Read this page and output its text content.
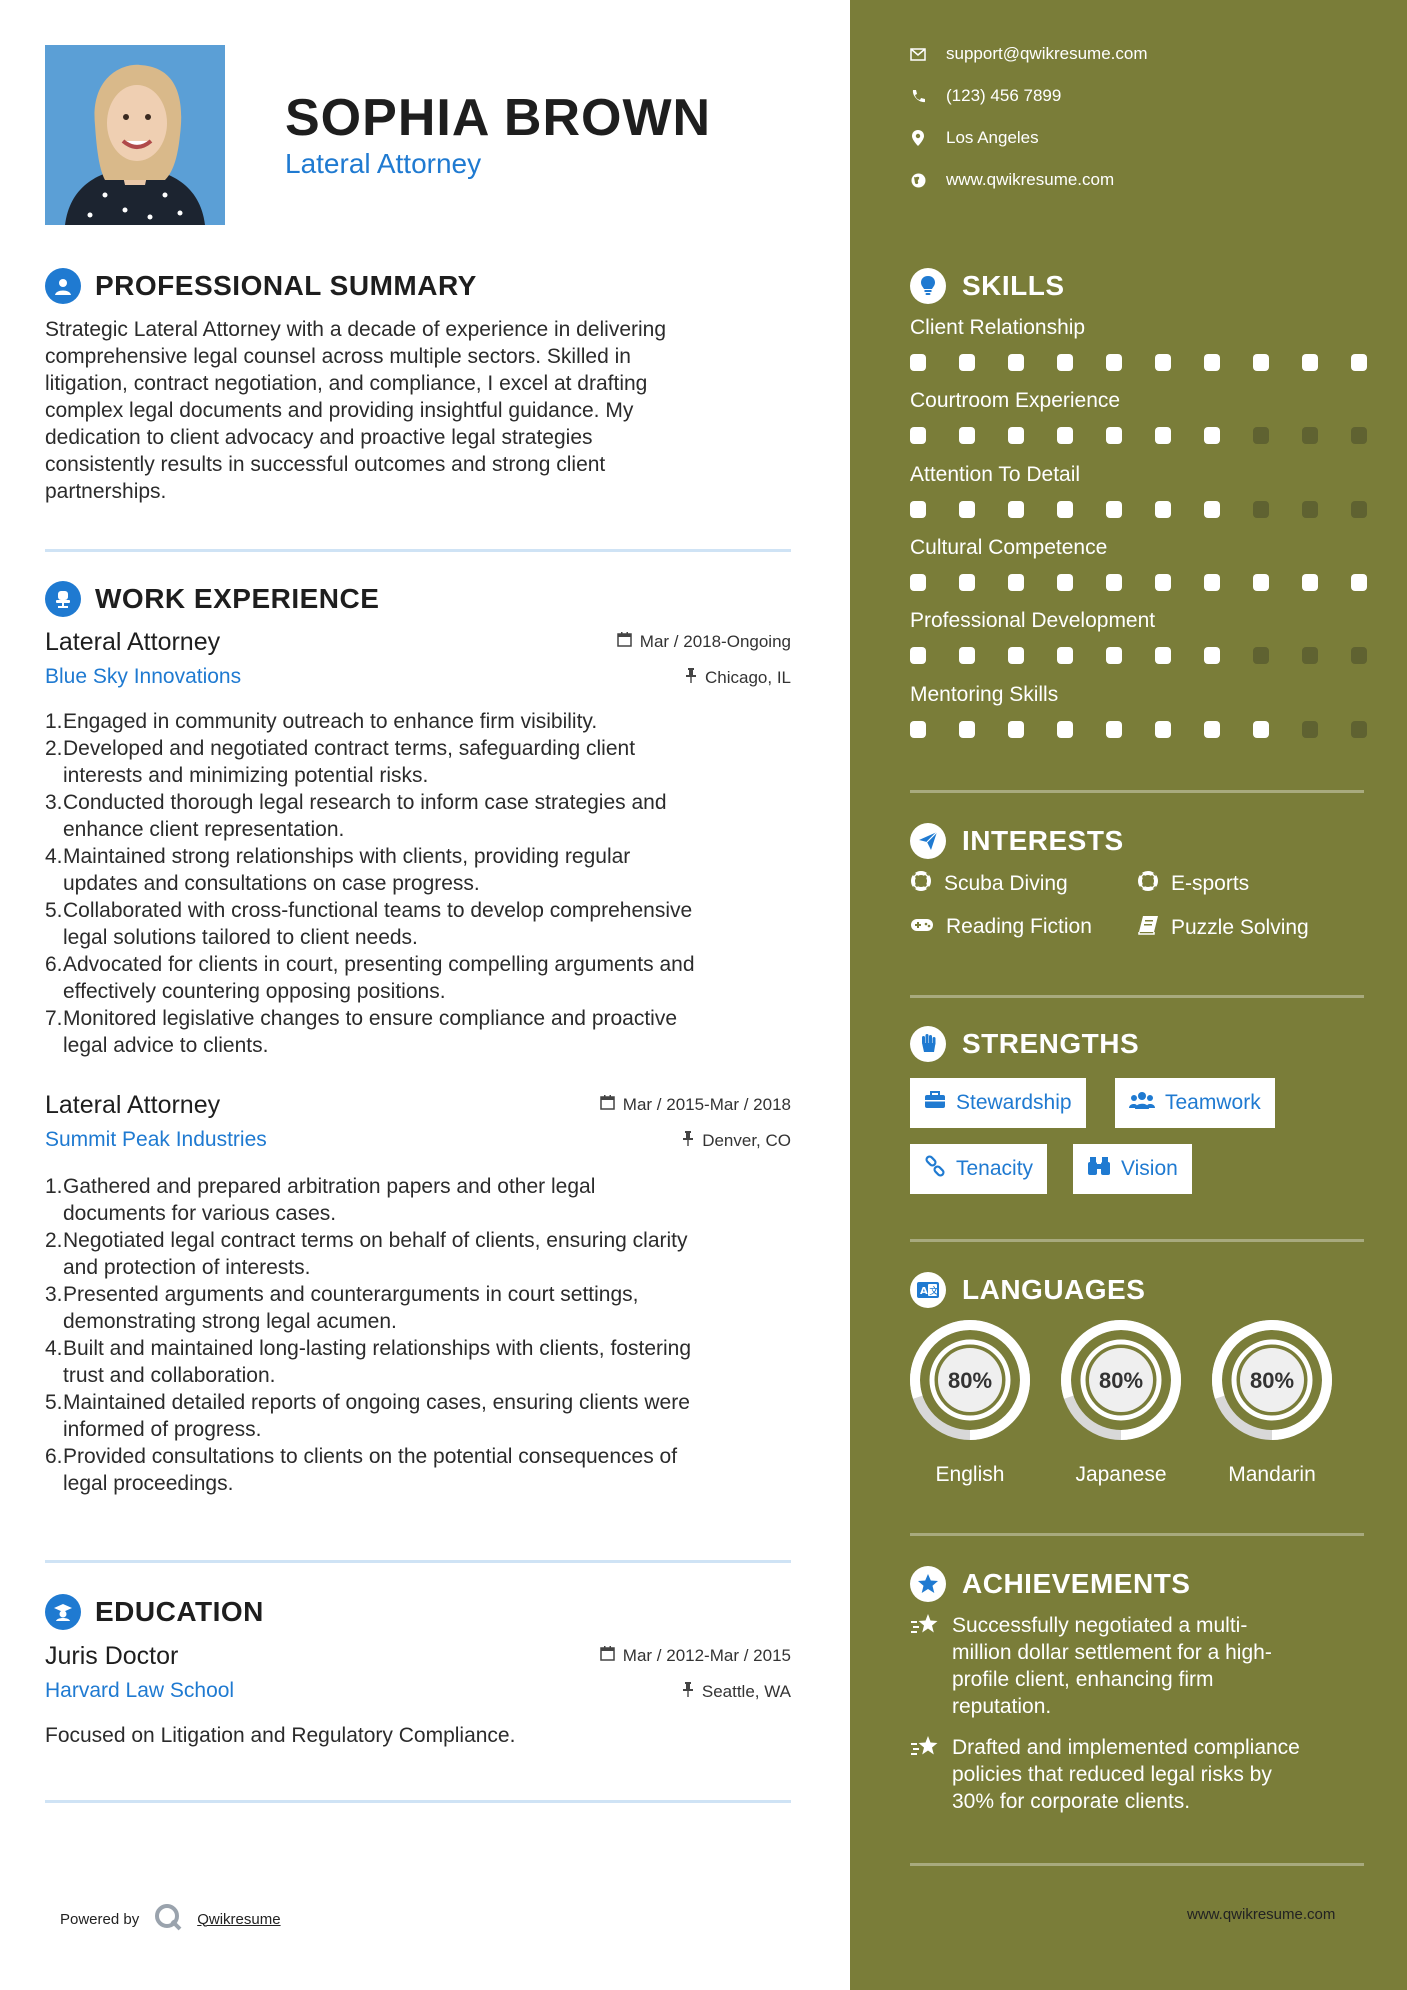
SOPHIA BROWN
Lateral Attorney
PROFESSIONAL SUMMARY
Strategic Lateral Attorney with a decade of experience in delivering
comprehensive legal counsel across multiple sectors. Skilled in
litigation, contract negotiation, and compliance, I excel at drafting
complex legal documents and providing insightful guidance. My
dedication to client advocacy and proactive legal strategies
consistently results in successful outcomes and strong client
partnerships.
WORK EXPERIENCE
Lateral Attorney	Mar / 2018-Ongoing
Blue Sky Innovations	Chicago, IL
1. Engaged in community outreach to enhance firm visibility.
2. Developed and negotiated contract terms, safeguarding client
interests and minimizing potential risks.
3. Conducted thorough legal research to inform case strategies and
enhance client representation.
4. Maintained strong relationships with clients, providing regular
updates and consultations on case progress.
5. Collaborated with cross-functional teams to develop comprehensive
legal solutions tailored to client needs.
6. Advocated for clients in court, presenting compelling arguments and
effectively countering opposing positions.
7. Monitored legislative changes to ensure compliance and proactive
legal advice to clients.
Lateral Attorney	Mar / 2015-Mar / 2018
Summit Peak Industries	Denver, CO
1. Gathered and prepared arbitration papers and other legal
documents for various cases.
2. Negotiated legal contract terms on behalf of clients, ensuring clarity
and protection of interests.
3. Presented arguments and counterarguments in court settings,
demonstrating strong legal acumen.
4. Built and maintained long-lasting relationships with clients, fostering
trust and collaboration.
5. Maintained detailed reports of ongoing cases, ensuring clients were
informed of progress.
6. Provided consultations to clients on the potential consequences of
legal proceedings.
EDUCATION
Juris Doctor	Mar / 2012-Mar / 2015
Harvard Law School	Seattle, WA
Focused on Litigation and Regulatory Compliance.
Powered by	Qwikresume
support@qwikresume.com
(123) 456 7899
Los Angeles
www.qwikresume.com
SKILLS
Client Relationship
Courtroom Experience
Attention To Detail
Cultural Competence
Professional Development
Mentoring Skills
INTERESTS
Scuba Diving	E-sports
Reading Fiction	Puzzle Solving
STRENGTHS
Stewardship	Teamwork
Tenacity	Vision
A 文 LANGUAGES
80%
English
80%
Japanese
80%
Mandarin
ACHIEVEMENTS
Successfully negotiated a multi-
million dollar settlement for a high-
profile client, enhancing firm
reputation.
Drafted and implemented compliance
policies that reduced legal risks by
30% for corporate clients.
www.qwikresume.com
